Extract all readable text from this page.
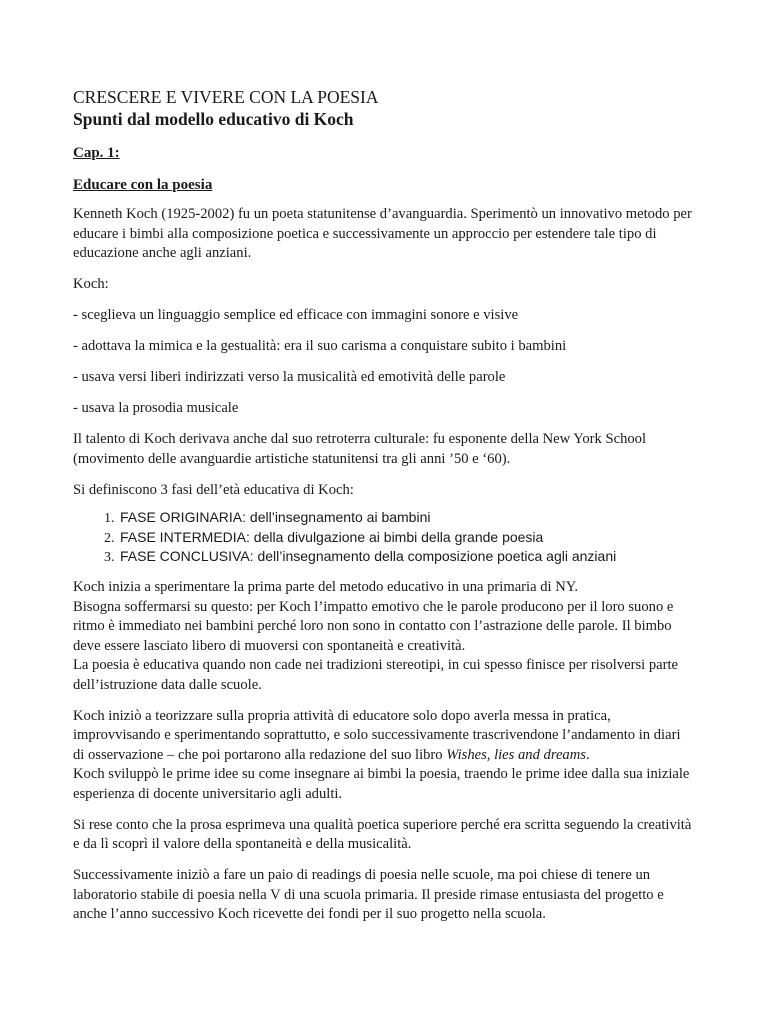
CRESCERE E VIVERE CON LA POESIA
Spunti dal modello educativo di Koch
Cap. 1:
Educare con la poesia

Kenneth Koch (1925-2002) fu un poeta statunitense d’avanguardia. Sperimentò un innovativo metodo per educare i bimbi alla composizione poetica e successivamente un approccio per estendere tale tipo di educazione anche agli anziani.

Koch:

- sceglieva un linguaggio semplice ed efficace con immagini sonore e visive

- adottava la mimica e la gestualità: era il suo carisma a conquistare subito i bambini

- usava versi liberi indirizzati verso la musicalità ed emotività delle parole

- usava la prosodia musicale

Il talento di Koch derivava anche dal suo retroterra culturale: fu esponente della New York School (movimento delle avanguardie artistiche statunitensi tra gli anni ’50 e ‘60).

Si definiscono 3 fasi dell’età educativa di Koch:

1. FASE ORIGINARIA: dell’insegnamento ai bambini
2. FASE INTERMEDIA: della divulgazione ai bimbi della grande poesia
3. FASE CONCLUSIVA: dell’insegnamento della composizione poetica agli anziani

Koch inizia a sperimentare la prima parte del metodo educativo in una primaria di NY.
Bisogna soffermarsi su questo: per Koch l’impatto emotivo che le parole producono per il loro suono e ritmo è immediato nei bambini perché loro non sono in contatto con l’astrazione delle parole. Il bimbo deve essere lasciato libero di muoversi con spontaneità e creatività.
La poesia è educativa quando non cade nei tradizioni stereotipi, in cui spesso finisce per risolversi parte dell’istruzione data dalle scuole.

Koch iniziò a teorizzare sulla propria attività di educatore solo dopo averla messa in pratica, improvvisando e sperimentando soprattutto, e solo successivamente trascrivendone l’andamento in diari di osservazione – che poi portarono alla redazione del suo libro Wishes, lies and dreams.
Koch sviluppò le prime idee su come insegnare ai bimbi la poesia, traendo le prime idee dalla sua iniziale esperienza di docente universitario agli adulti.

Si rese conto che la prosa esprimeva una qualità poetica superiore perché era scritta seguendo la creatività e da lì scoprì il valore della spontaneità e della musicalità.

Successivamente iniziò a fare un paio di readings di poesia nelle scuole, ma poi chiese di tenere un laboratorio stabile di poesia nella V di una scuola primaria. Il preside rimase entusiasta del progetto e anche l’anno successivo Koch ricevette dei fondi per il suo progetto nella scuola.
